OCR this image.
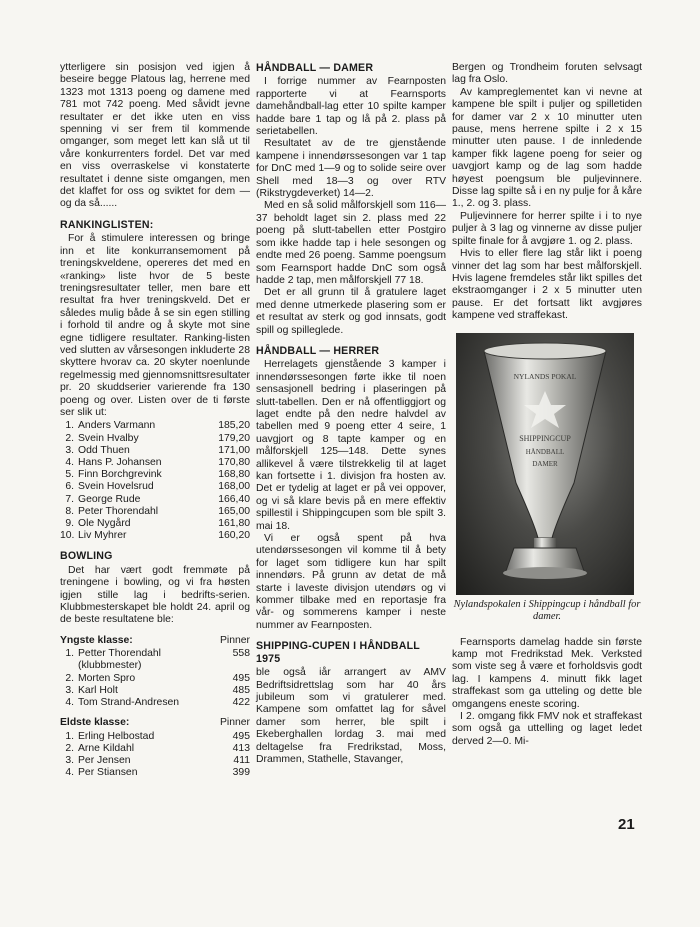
ytterligere sin posisjon ved igjen å beseire begge Platous lag, herrene med 1323 mot 1313 poeng og damene med 781 mot 742 poeng. Med såvidt jevne resultater er det ikke uten en viss spenning vi ser frem til kommende omganger, som meget lett kan slå ut til våre konkurrenters fordel. Det var med en viss overraskelse vi konstaterte resultatet i denne siste omgangen, men det klaffet for oss og sviktet for dem — og da så......

RANKINGLISTEN:

For å stimulere interessen og bringe inn et lite konkurransemoment på treningskveldene, opereres det med en «ranking» liste hvor de 5 beste treningsresultater teller, men bare ett resultat fra hver treningskveld. Det er således mulig både å se sin egen stilling i forhold til andre og å skyte mot sine egne tidligere resultater. Ranking-listen ved slutten av vårsesongen inkluderte 28 skyttere hvorav ca. 20 skyter noenlunde regelmessig med gjennomsnittsresultater pr. 20 skuddserier varierende fra 130 poeng og over. Listen over de ti første ser slik ut:

1. Anders Varmann	185,20
2. Svein Hvalby	179,20
3. Odd Thuen	171,00
4. Hans P. Johansen	170,80
5. Finn Borchgrevink	168,80
6. Svein Hovelsrud	168,00
7. George Rude	166,40
8. Peter Thorendahl	165,00
9. Ole Nygård	161,80
10. Liv Myhrer	160,20
BOWLING

Det har vært godt fremmøte på treningene i bowling, og vi fra høsten igjen stille lag i bedrifts-serien. Klubbmesterskapet ble holdt 24. april og de beste resultatene ble:

Yngste klasse:	Pinner
1. Petter Thorendahl	558
(klubbmester)
2. Morten Spro	495
3. Karl Holt	485
4. Tom Strand-Andresen	422
Eldste klasse:	Pinner
1. Erling Helbostad	495
2. Arne Kildahl	413
3. Per Jensen	411
4. Per Stiansen	399
HÅNDBALL — DAMER

I forrige nummer av Fearnposten rapporterte vi at Fearnsports damehåndball-lag etter 10 spilte kamper hadde bare 1 tap og lå på 2. plass på serietabellen.

Resultatet av de tre gjenstående kampene i innendørssesongen var 1 tap for DnC med 1—9 og to solide seire over Shell med 18—3 og over RTV (Rikstrygdeverket) 14—2.

Med en så solid målforskjell som 116—37 beholdt laget sin 2. plass med 22 poeng på slutt-tabellen etter Postgiro som ikke hadde tap i hele sesongen og endte med 26 poeng. Samme poengsum som Fearnsport hadde DnC som også hadde 2 tap, men målforskjell 77 18.

Det er all grunn til å gratulere laget med denne utmerkede plasering som er et resultat av sterk og god innsats, godt spill og spilleglede.

HÅNDBALL — HERRER

Herrelagets gjenstående 3 kamper i innendørssesongen førte ikke til noen sensasjonell bedring i plaseringen på slutt-tabellen. Den er nå offentliggjort og laget endte på den nedre halvdel av tabellen med 9 poeng etter 4 seire, 1 uavgjort og 8 tapte kamper og en målforskjell 125—148. Dette synes allikevel å være tilstrekkelig til at laget kan fortsette i 1. divisjon fra hosten av. Det er tydelig at laget er på vei oppover, og vi så klare bevis på en mere effektiv spillestil i Shippingcupen som ble spilt 3. mai 18.

Vi er også spent på hva utendørssesongen vil komme til å bety for laget som tidligere kun har spilt innendørs. På grunn av detat de må starte i laveste divisjon utendørs og vi kommer tilbake med en reportasje fra vår- og sommerens kamper i neste nummer av Fearnposten.

SHIPPING-CUPEN I HÅNDBALL 1975

ble også iår arrangert av AMV Bedriftsidrettslag som har 40 års jubileum som vi gratulerer med. Kampene som omfattet lag for såvel damer som herrer, ble spilt i Ekeberghallen lordag 3. mai med deltagelse fra Fredrikstad, Moss, Drammen, Stathelle, Stavanger,

Bergen og Trondheim foruten selvsagt lag fra Oslo.

Av kampreglementet kan vi nevne at kampene ble spilt i puljer og spilletiden for damer var 2 x 10 minutter uten pause, mens herrene spilte i 2 x 15 minutter uten pause. I de innledende kamper fikk lagene poeng for seier og uavgjort kamp og de lag som hadde høyest poengsum ble puljevinnere. Disse lag spilte så i en ny pulje for å kåre 1., 2. og 3. plass.

Puljevinnere for herrer spilte i i to nye puljer à 3 lag og vinnerne av disse puljer spilte finale for å avgjøre 1. og 2. plass.

Hvis to eller flere lag står likt i poeng vinner det lag som har best målforskjell. Hvis lagene fremdeles står likt spilles det ekstraomganger i 2 x 5 minutter uten pause. Er det fortsatt likt avgjøres kampene ved straffekast.

NYLANDS POKAL
SHIPPINGCUP
HÅNDBALL
DAMER
Nylandspokalen i Shippingcup i håndball for damer.

Fearnsports damelag hadde sin første kamp mot Fredrikstad Mek. Verksted som viste seg å være et forholdsvis godt lag. I kampens 4. minutt fikk laget straffekast som ga utteling og dette ble omgangens eneste scoring.

I 2. omgang fikk FMV nok et straffekast som også ga uttelling og laget ledet derved 2—0. Mi-

21
